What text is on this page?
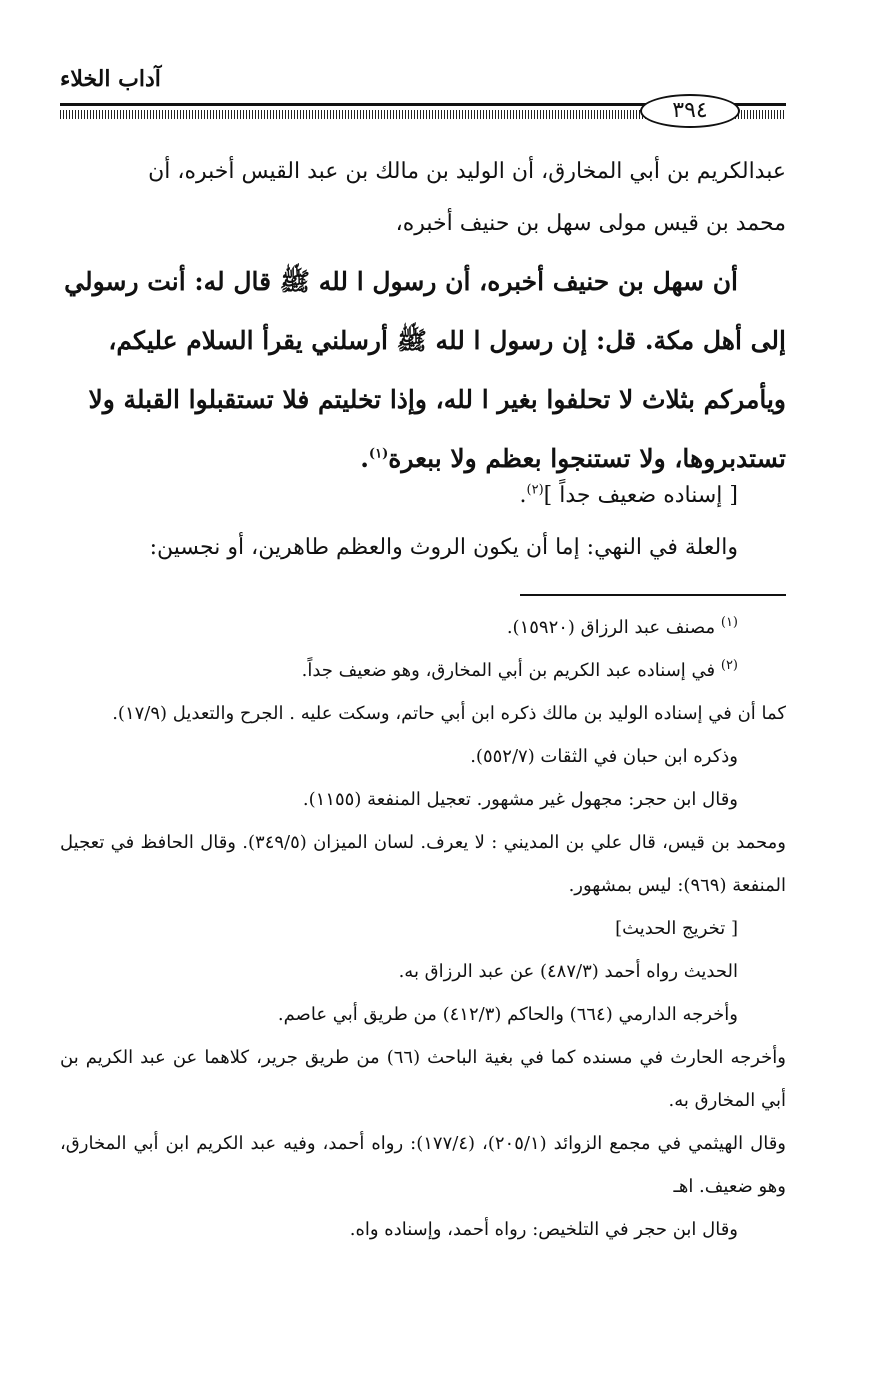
آداب الخلاء
٣٩٤
عبدالكريم بن أبي المخارق، أن الوليد بن مالك بن عبد القيس أخبره، أن
محمد بن قيس مولى سهل بن حنيف أخبره،
أن سهل بن حنيف أخبره، أن رسول ا لله ﷺ قال له: أنت رسولي
إلى أهل مكة. قل: إن رسول ا لله ﷺ أرسلني يقرأ السلام عليكم،
ويأمركم بثلاث لا تحلفوا بغير ا لله، وإذا تخليتم فلا تستقبلوا القبلة ولا
تستدبروها، ولا تستنجوا بعظم ولا ببعرة$^{(١)}$.
[ إسناده ضعيف جداً ]$^{(٢)}$.
والعلة في النهي: إما أن يكون الروث والعظم طاهرين، أو نجسين:

$^{(١)}$ مصنف عبد الرزاق (١٥٩٢٠).

$^{(٢)}$ في إسناده عبد الكريم بن أبي المخارق، وهو ضعيف جداً.

كما أن في إسناده الوليد بن مالك ذكره ابن أبي حاتم، وسكت عليه . الجرح والتعديل (١٧/٩).

وذكره ابن حبان في الثقات (٥٥٢/٧).

وقال ابن حجر: مجهول غير مشهور. تعجيل المنفعة (١١٥٥).

ومحمد بن قيس، قال علي بن المديني : لا يعرف. لسان الميزان (٣٤٩/٥). وقال الحافظ في تعجيل المنفعة (٩٦٩): ليس بمشهور.

[ تخريج الحديث]

الحديث رواه أحمد (٤٨٧/٣) عن عبد الرزاق به.

وأخرجه الدارمي (٦٦٤) والحاكم (٤١٢/٣) من طريق أبي عاصم.

وأخرجه الحارث في مسنده كما في بغية الباحث (٦٦) من طريق جرير، كلاهما عن عبد الكريم بن أبي المخارق به.

وقال الهيثمي في مجمع الزوائد (٢٠٥/١)، (١٧٧/٤): رواه أحمد، وفيه عبد الكريم ابن أبي المخارق، وهو ضعيف. اهـ

وقال ابن حجر في التلخيص: رواه أحمد، وإسناده واه.
